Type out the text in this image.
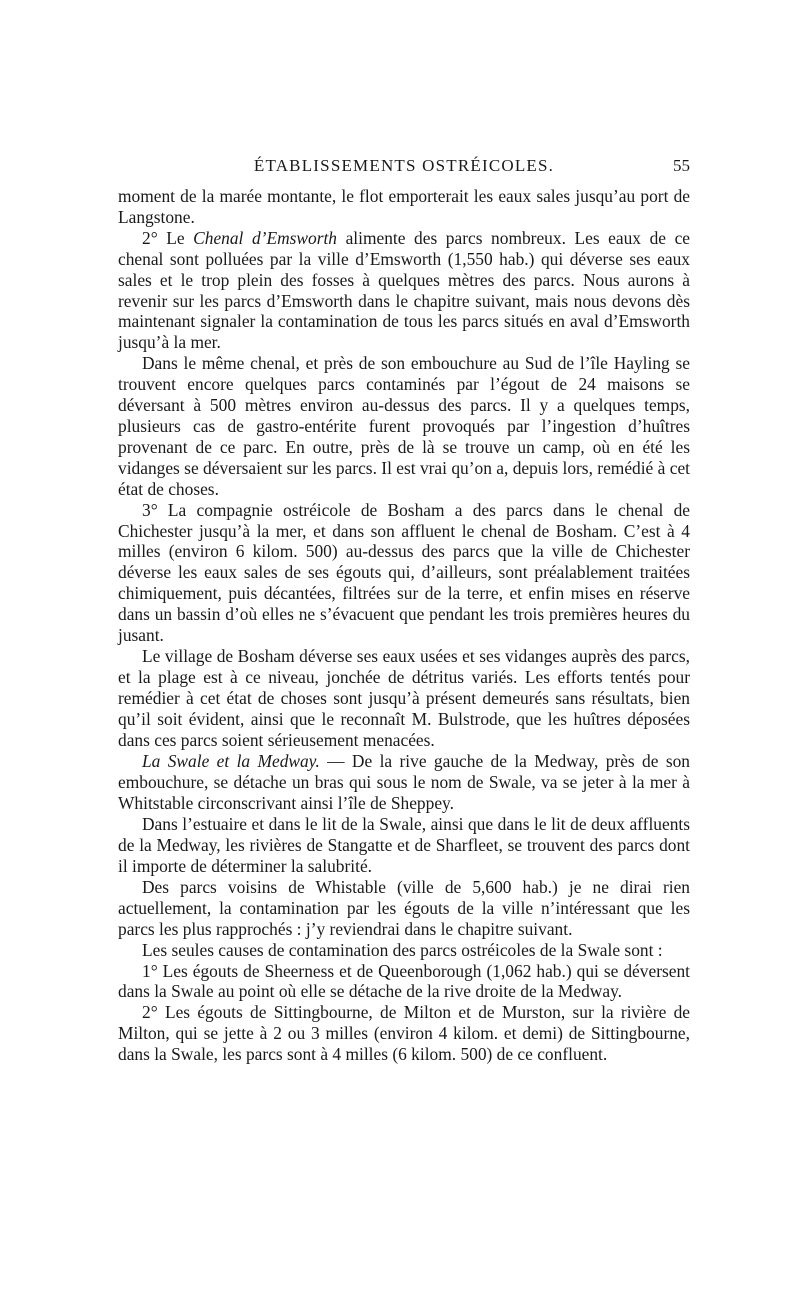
ÉTABLISSEMENTS OSTRÉICOLES.	55

moment de la marée montante, le flot emporterait les eaux sales jusqu’au port de Langstone.

2° Le Chenal d’Emsworth alimente des parcs nombreux. Les eaux de ce chenal sont polluées par la ville d’Emsworth (1,550 hab.) qui déverse ses eaux sales et le trop plein des fosses à quelques mètres des parcs. Nous aurons à revenir sur les parcs d’Emsworth dans le chapitre suivant, mais nous devons dès maintenant signaler la contamination de tous les parcs situés en aval d’Emsworth jusqu’à la mer.

Dans le même chenal, et près de son embouchure au Sud de l’île Hayling se trouvent encore quelques parcs contaminés par l’égout de 24 maisons se déversant à 500 mètres environ au-dessus des parcs. Il y a quelques temps, plusieurs cas de gastro-entérite furent provoqués par l’ingestion d’huîtres provenant de ce parc. En outre, près de là se trouve un camp, où en été les vidanges se déversaient sur les parcs. Il est vrai qu’on a, depuis lors, remédié à cet état de choses.

3° La compagnie ostréicole de Bosham a des parcs dans le chenal de Chichester jusqu’à la mer, et dans son affluent le chenal de Bosham. C’est à 4 milles (environ 6 kilom. 500) au-dessus des parcs que la ville de Chichester déverse les eaux sales de ses égouts qui, d’ailleurs, sont préalablement traitées chimiquement, puis décantées, filtrées sur de la terre, et enfin mises en réserve dans un bassin d’où elles ne s’évacuent que pendant les trois premières heures du jusant.

Le village de Bosham déverse ses eaux usées et ses vidanges auprès des parcs, et la plage est à ce niveau, jonchée de détritus variés. Les efforts tentés pour remédier à cet état de choses sont jusqu’à présent demeurés sans résultats, bien qu’il soit évident, ainsi que le reconnaît M. Bulstrode, que les huîtres déposées dans ces parcs soient sérieusement menacées.

La Swale et la Medway. — De la rive gauche de la Medway, près de son embouchure, se détache un bras qui sous le nom de Swale, va se jeter à la mer à Whitstable circonscrivant ainsi l’île de Sheppey.

Dans l’estuaire et dans le lit de la Swale, ainsi que dans le lit de deux affluents de la Medway, les rivières de Stangatte et de Sharfleet, se trouvent des parcs dont il importe de déterminer la salubrité.

Des parcs voisins de Whistable (ville de 5,600 hab.) je ne dirai rien actuellement, la contamination par les égouts de la ville n’intéressant que les parcs les plus rapprochés : j’y reviendrai dans le chapitre suivant.

Les seules causes de contamination des parcs ostréicoles de la Swale sont :

1° Les égouts de Sheerness et de Queenborough (1,062 hab.) qui se déversent dans la Swale au point où elle se détache de la rive droite de la Medway.

2° Les égouts de Sittingbourne, de Milton et de Murston, sur la rivière de Milton, qui se jette à 2 ou 3 milles (environ 4 kilom. et demi) de Sittingbourne, dans la Swale, les parcs sont à 4 milles (6 kilom. 500) de ce confluent.
